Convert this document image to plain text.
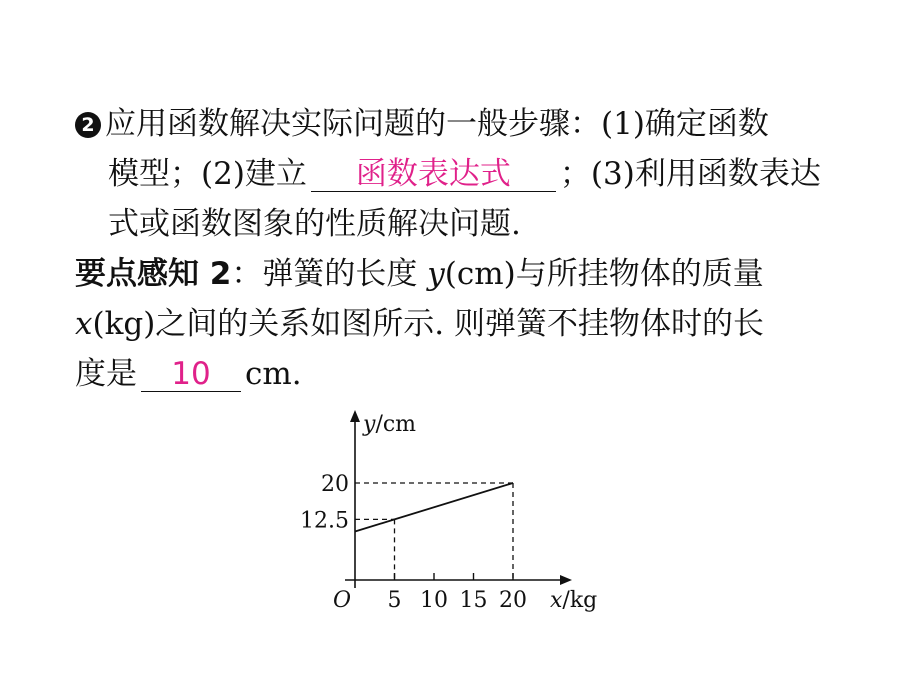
2 应用函数解决实际问题的一般步骤：(1)确定函数
模型；(2)建立 函数表达式 ；(3)利用函数表达
式或函数图象的性质解决问题.
要点感知 2：弹簧的长度 y(cm)与所挂物体的质量
x(kg)之间的关系如图所示. 则弹簧不挂物体时的长
度是 10 cm.
5 10 15 20
12.5
20
O	x/kg
y/cm
